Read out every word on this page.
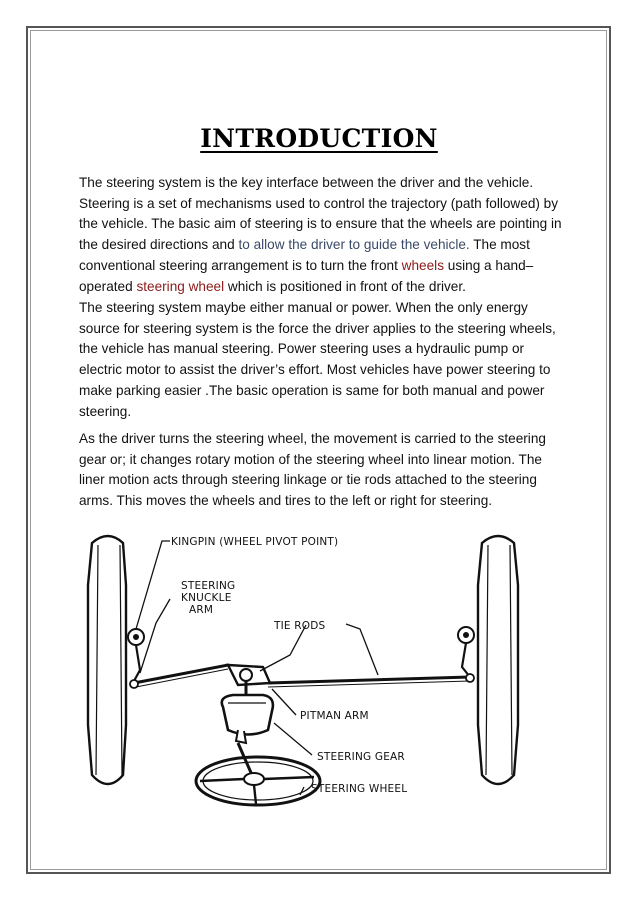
INTRODUCTION

The steering system is the key interface between the driver and the vehicle. Steering is a set of mechanisms used to control the trajectory (path followed) by the vehicle. The basic aim of steering is to ensure that the wheels are pointing in the desired directions and to allow the driver to guide the vehicle. The most conventional steering arrangement is to turn the front wheels using a hand–operated steering wheel which is positioned in front of the driver.

The steering system maybe either manual or power. When the only energy source for steering system is the force the driver applies to the steering wheels, the vehicle has manual steering. Power steering uses a hydraulic pump or electric motor to assist the driver’s effort. Most vehicles have power steering to make parking easier .The basic operation is same for both manual and power steering.

As the driver turns the steering wheel, the movement is carried to the steering gear or; it changes rotary motion of the steering wheel into linear motion. The liner motion acts through steering linkage or tie rods attached to the steering arms. This moves the wheels and tires to the left or right for steering.

KINGPIN (WHEEL PIVOT POINT)
STEERING
KNUCKLE
ARM
TIE RODS
PITMAN ARM
STEERING GEAR
STEERING WHEEL
